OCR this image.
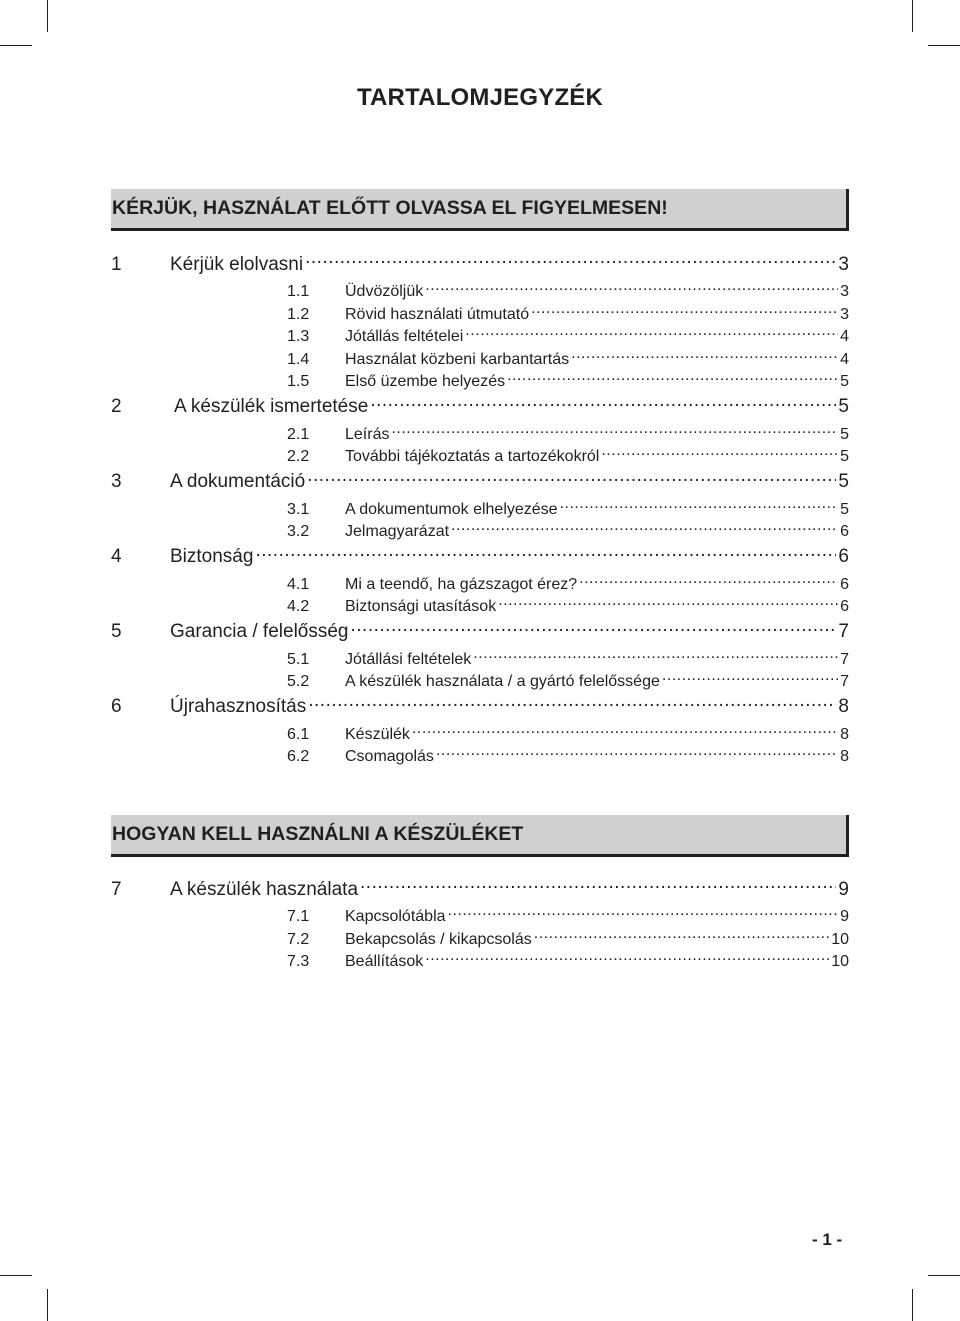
TARTALOMJEGYZÉK
KÉRJÜK, HASZNÁLAT ELŐTT OLVASSA EL FIGYELMESEN!
1	Kérjük elolvasni .....	3
1.1	Üdvözöljük .....	3
1.2	Rövid használati útmutató .....	3
1.3	Jótállás feltételei .....	4
1.4	Használat közbeni karbantartás .....	4
1.5	Első üzembe helyezés .....	5
2	A készülék ismertetése .....	5
2.1	Leírás .....	5
2.2	További tájékoztatás a tartozékokról .....	5
3	A dokumentáció .....	5
3.1	A dokumentumok elhelyezése .....	5
3.2	Jelmagyarázat .....	6
4	Biztonság .....	6
4.1	Mi a teendő, ha gázszagot érez? .....	6
4.2	Biztonsági utasítások .....	6
5	Garancia / felelősség .....	7
5.1	Jótállási feltételek .....	7
5.2	A készülék használata / a gyártó felelőssége .....	7
6	Újrahasznosítás .....	8
6.1	Készülék .....	8
6.2	Csomagolás .....	8
HOGYAN KELL HASZNÁLNI A KÉSZÜLÉKET
7	A készülék használata .....	9
7.1	Kapcsolótábla .....	9
7.2	Bekapcsolás / kikapcsolás .....	10
7.3	Beállítások .....	10
- 1 -
